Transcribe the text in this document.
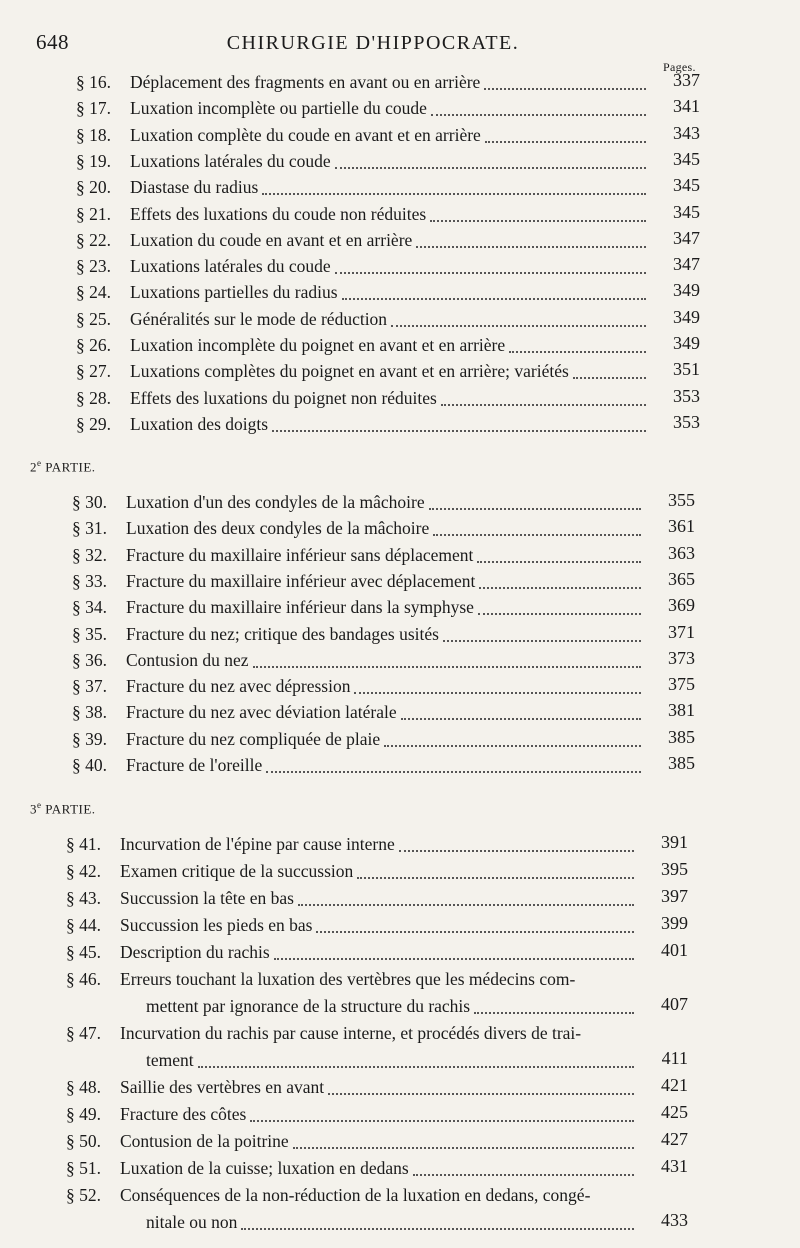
648	CHIRURGIE D'HIPPOCRATE.
Pages.
2e PARTIE.
3e PARTIE.
§ 16. Déplacement des fragments en avant ou en arrière	337
§ 17. Luxation incomplète ou partielle du coude	341
§ 18. Luxation complète du coude en avant et en arrière	343
§ 19. Luxations latérales du coude	345
§ 20. Diastase du radius	345
§ 21. Effets des luxations du coude non réduites	345
§ 22. Luxation du coude en avant et en arrière	347
§ 23. Luxations latérales du coude	347
§ 24. Luxations partielles du radius	349
§ 25. Généralités sur le mode de réduction	349
§ 26. Luxation incomplète du poignet en avant et en arrière	349
§ 27. Luxations complètes du poignet en avant et en arrière; variétés	351
§ 28. Effets des luxations du poignet non réduites	353
§ 29. Luxation des doigts	353
§ 30. Luxation d'un des condyles de la mâchoire	355
§ 31. Luxation des deux condyles de la mâchoire	361
§ 32. Fracture du maxillaire inférieur sans déplacement	363
§ 33. Fracture du maxillaire inférieur avec déplacement	365
§ 34. Fracture du maxillaire inférieur dans la symphyse	369
§ 35. Fracture du nez; critique des bandages usités	371
§ 36. Contusion du nez	373
§ 37. Fracture du nez avec dépression	375
§ 38. Fracture du nez avec déviation latérale	381
§ 39. Fracture du nez compliquée de plaie	385
§ 40. Fracture de l'oreille	385
§ 41. Incurvation de l'épine par cause interne	391
§ 42. Examen critique de la succussion	395
§ 43. Succussion la tête en bas	397
§ 44. Succussion les pieds en bas	399
§ 45. Description du rachis	401
§ 46. Erreurs touchant la luxation des vertèbres que les médecins com-
mettent par ignorance de la structure du rachis	407
§ 47. Incurvation du rachis par cause interne, et procédés divers de trai-
tement	411
§ 48. Saillie des vertèbres en avant	421
§ 49. Fracture des côtes	425
§ 50. Contusion de la poitrine	427
§ 51. Luxation de la cuisse; luxation en dedans	431
§ 52. Conséquences de la non-réduction de la luxation en dedans, congé-
nitale ou non	433
